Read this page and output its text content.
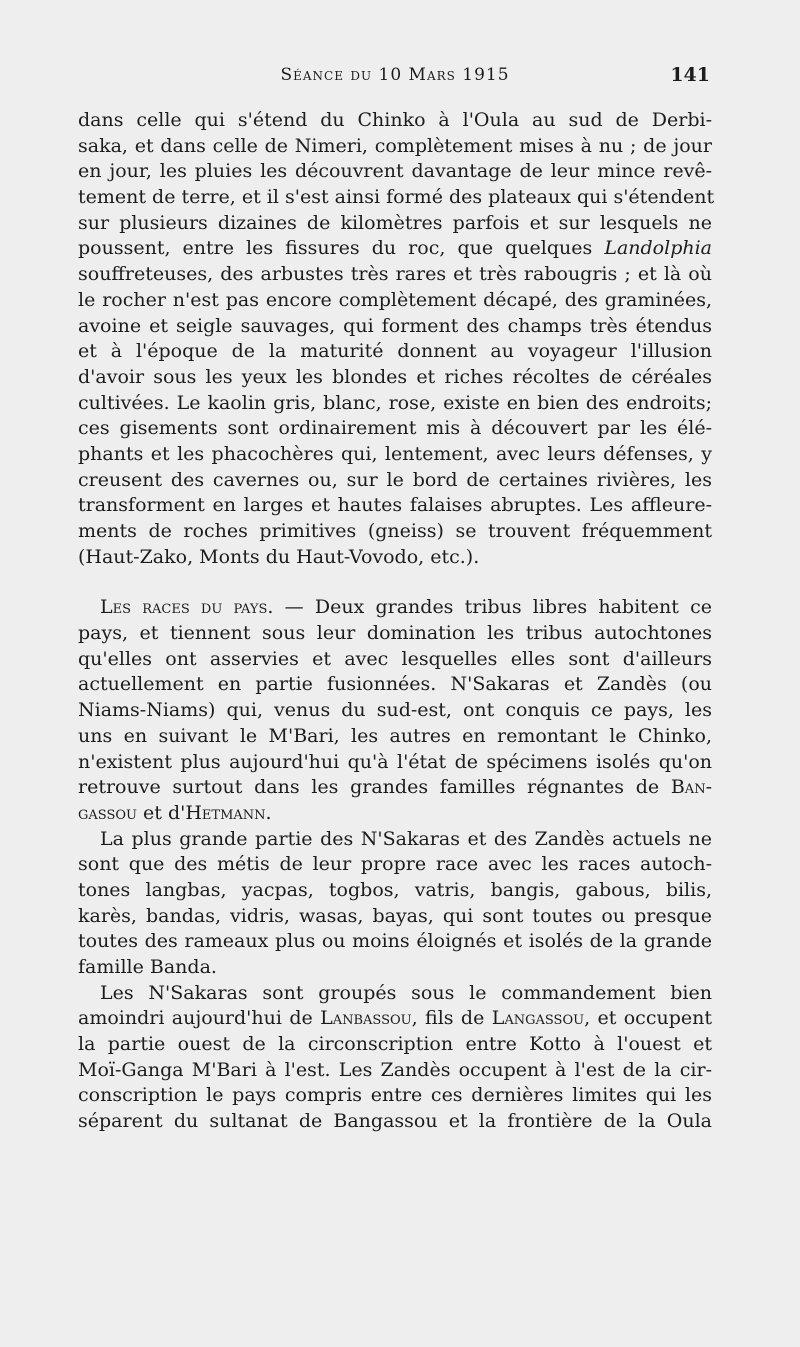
Séance du 10 Mars 1915	141
dans celle qui s'étend du Chinko à l'Oula au sud de Derbi-
saka, et dans celle de Nimeri, complètement mises à nu ; de jour
en jour, les pluies les découvrent davantage de leur mince revê-
tement de terre, et il s'est ainsi formé des plateaux qui s'étendent
sur plusieurs dizaines de kilomètres parfois et sur lesquels ne
poussent, entre les fissures du roc, que quelques Landolphia
souffreteuses, des arbustes très rares et très rabougris ; et là où
le rocher n'est pas encore complètement décapé, des graminées,
avoine et seigle sauvages, qui forment des champs très étendus
et à l'époque de la maturité donnent au voyageur l'illusion
d'avoir sous les yeux les blondes et riches récoltes de céréales
cultivées. Le kaolin gris, blanc, rose, existe en bien des endroits;
ces gisements sont ordinairement mis à découvert par les élé-
phants et les phacochères qui, lentement, avec leurs défenses, y
creusent des cavernes ou, sur le bord de certaines rivières, les
transforment en larges et hautes falaises abruptes. Les affleure-
ments de roches primitives (gneiss) se trouvent fréquemment
(Haut-Zako, Monts du Haut-Vovodo, etc.).
Les races du pays. — Deux grandes tribus libres habitent ce
pays, et tiennent sous leur domination les tribus autochtones
qu'elles ont asservies et avec lesquelles elles sont d'ailleurs
actuellement en partie fusionnées. N'Sakaras et Zandès (ou
Niams-Niams) qui, venus du sud-est, ont conquis ce pays, les
uns en suivant le M'Bari, les autres en remontant le Chinko,
n'existent plus aujourd'hui qu'à l'état de spécimens isolés qu'on
retrouve surtout dans les grandes familles régnantes de Ban-
gassou et d'Hetmann.
La plus grande partie des N'Sakaras et des Zandès actuels ne
sont que des métis de leur propre race avec les races autoch-
tones langbas, yacpas, togbos, vatris, bangis, gabous, bilis,
karès, bandas, vidris, wasas, bayas, qui sont toutes ou presque
toutes des rameaux plus ou moins éloignés et isolés de la grande
famille Banda.
Les N'Sakaras sont groupés sous le commandement bien
amoindri aujourd'hui de Lanbassou, fils de Langassou, et occupent
la partie ouest de la circonscription entre Kotto à l'ouest et
Moï-Ganga M'Bari à l'est. Les Zandès occupent à l'est de la cir-
conscription le pays compris entre ces dernières limites qui les
séparent du sultanat de Bangassou et la frontière de la Oula
